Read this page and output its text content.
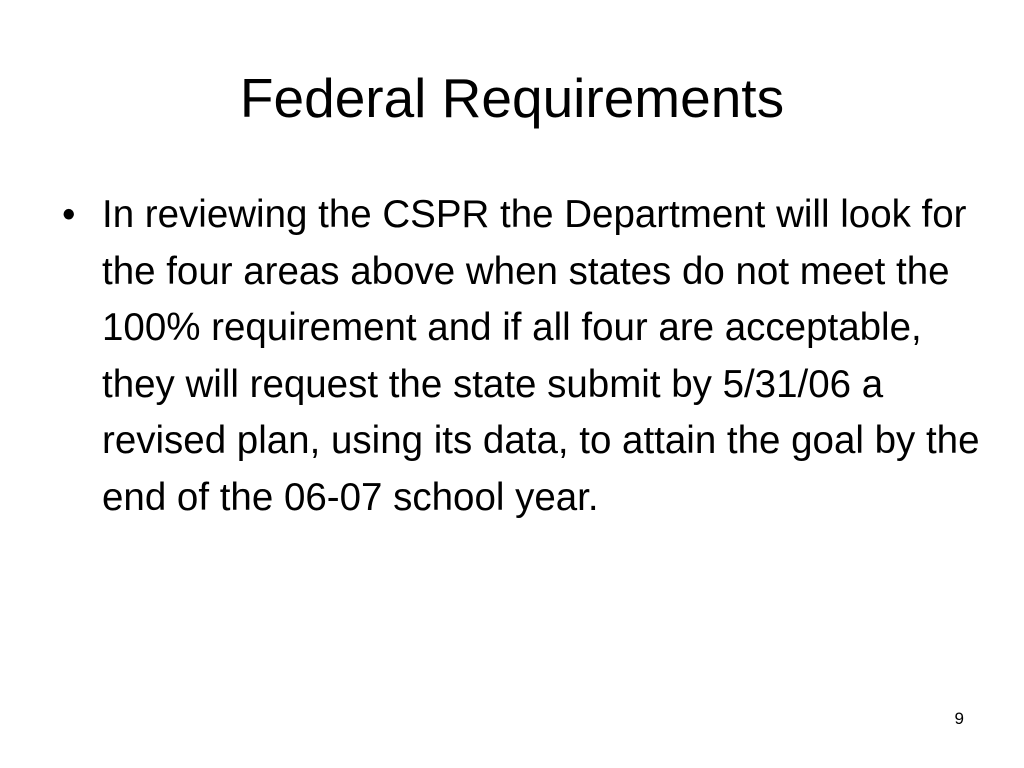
Federal Requirements
• In reviewing the CSPR the Department will look for the four areas above when states do not meet the 100% requirement and if all four are acceptable, they will request the state submit by 5/31/06 a revised plan, using its data, to attain the goal by the end of the 06-07 school year.
9
